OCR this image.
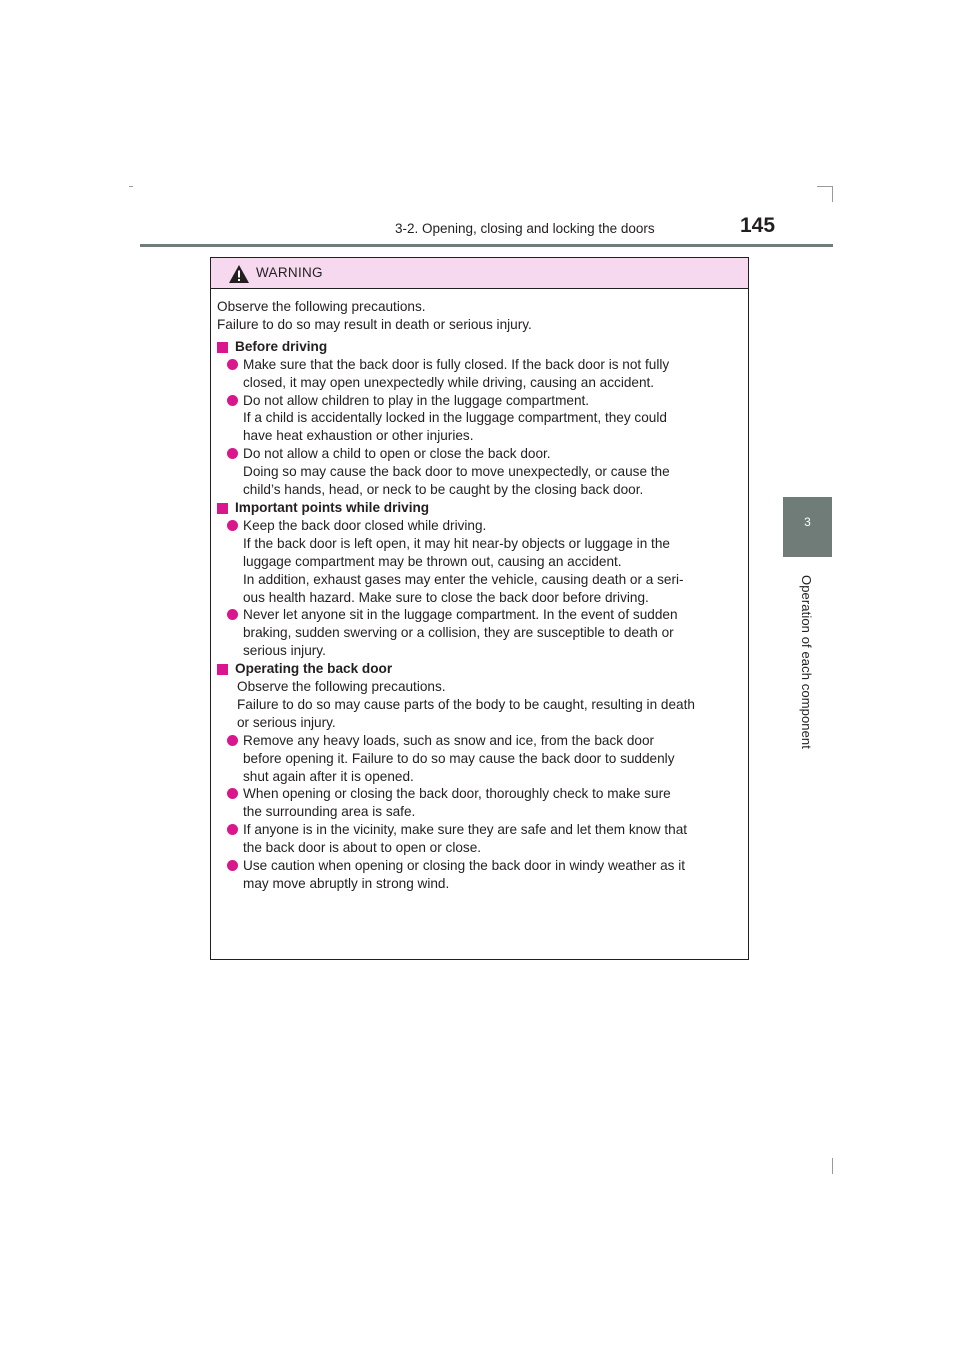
3-2. Opening, closing and locking the doors	145
3
Operation of each component
WARNING

Observe the following precautions.
Failure to do so may result in death or serious injury.

Before driving

Make sure that the back door is fully closed. If the back door is not fully
closed, it may open unexpectedly while driving, causing an accident.

Do not allow children to play in the luggage compartment.
If a child is accidentally locked in the luggage compartment, they could
have heat exhaustion or other injuries.

Do not allow a child to open or close the back door.
Doing so may cause the back door to move unexpectedly, or cause the
child’s hands, head, or neck to be caught by the closing back door.

Important points while driving

Keep the back door closed while driving.
If the back door is left open, it may hit near-by objects or luggage in the
luggage compartment may be thrown out, causing an accident.
In addition, exhaust gases may enter the vehicle, causing death or a seri-
ous health hazard. Make sure to close the back door before driving.

Never let anyone sit in the luggage compartment. In the event of sudden
braking, sudden swerving or a collision, they are susceptible to death or
serious injury.

Operating the back door

Observe the following precautions.
Failure to do so may cause parts of the body to be caught, resulting in death
or serious injury.

Remove any heavy loads, such as snow and ice, from the back door
before opening it. Failure to do so may cause the back door to suddenly
shut again after it is opened.

When opening or closing the back door, thoroughly check to make sure
the surrounding area is safe.

If anyone is in the vicinity, make sure they are safe and let them know that
the back door is about to open or close.

Use caution when opening or closing the back door in windy weather as it
may move abruptly in strong wind.
